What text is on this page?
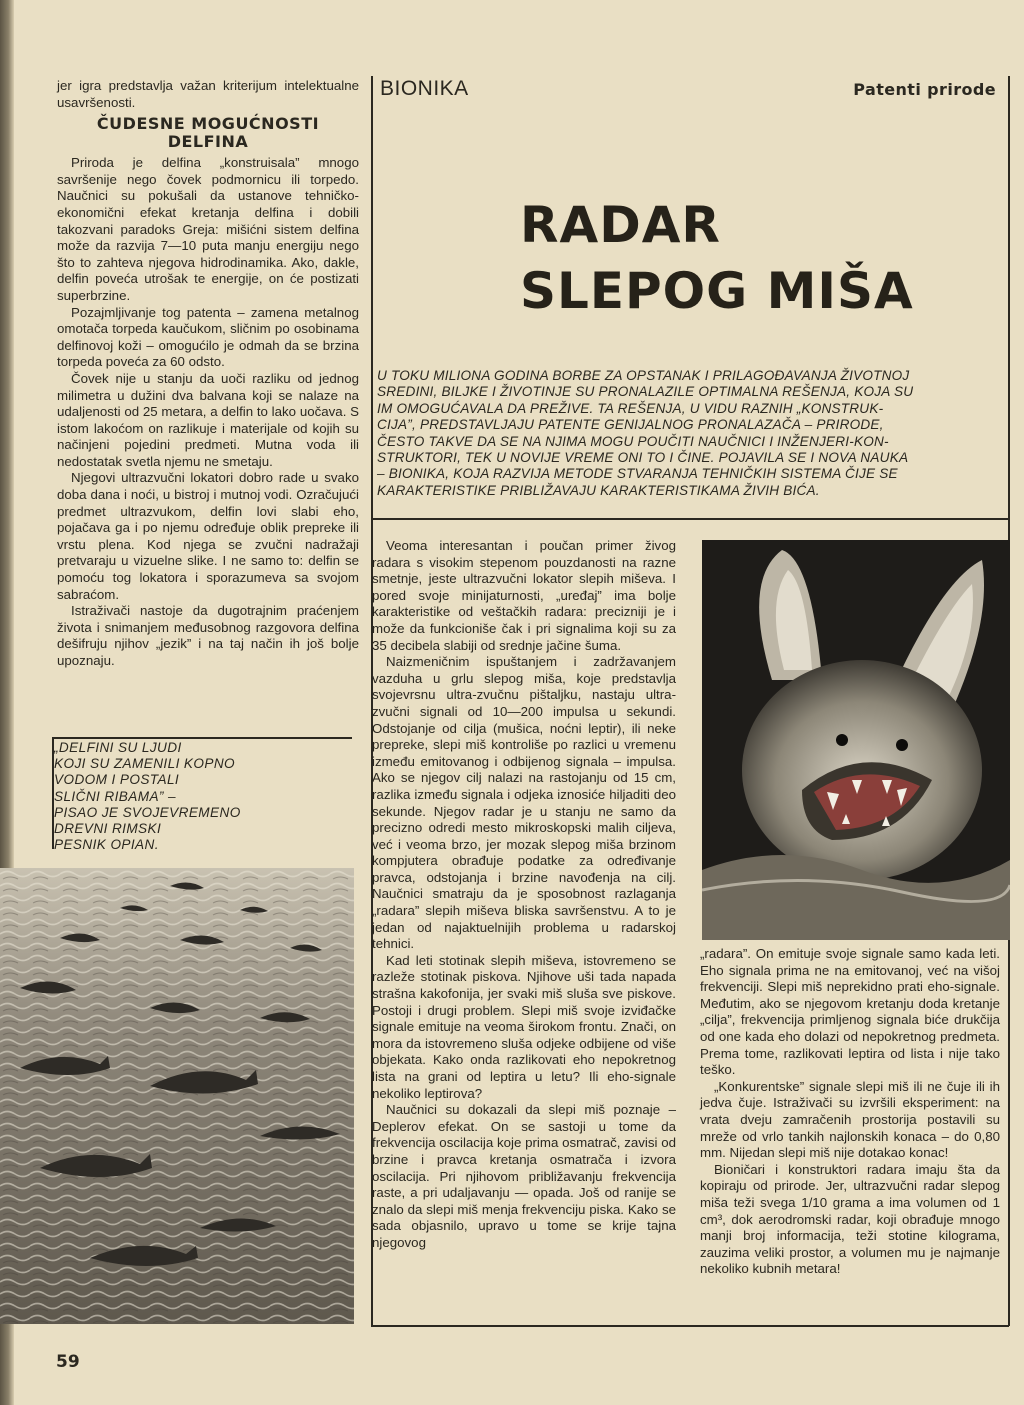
jer igra predstavlja važan kriterijum intelektualne usavršenosti.

ČUDESNE MOGUĆNOSTI
DELFINA

Priroda je delfina „konstruisala” mnogo savršenije nego čovek podmornicu ili torpedo. Naučnici su pokušali da ustanove tehničko-ekonomični efekat kretanja delfina i dobili takozvani paradoks Greja: mišićni sistem delfina može da razvija 7—10 puta manju energiju nego što to zahteva njegova hidrodinamika. Ako, dakle, delfin poveća utrošak te energije, on će postizati superbrzine.

Pozajmljivanje tog patenta – zamena metalnog omotača torpeda kaučukom, sličnim po osobinama delfinovoj koži – omogućilo je odmah da se brzina torpeda poveća za 60 odsto.

Čovek nije u stanju da uoči razliku od jednog milimetra u dužini dva balvana koji se nalaze na udaljenosti od 25 metara, a delfin to lako uočava. S istom lakoćom on razlikuje i materijale od kojih su načinjeni pojedini predmeti. Mutna voda ili nedostatak svetla njemu ne smetaju.

Njegovi ultrazvučni lokatori dobro rade u svako doba dana i noći, u bistroj i mutnoj vodi. Ozračujući predmet ultrazvukom, delfin lovi slabi eho, pojačava ga i po njemu određuje oblik prepreke ili vrstu plena. Kod njega se zvučni nadražaji pretvaraju u vizuelne slike. I ne samo to: delfin se pomoću tog lokatora i sporazumeva sa svojom sabraćom.

Istraživači nastoje da dugotrajnim praćenjem života i snimanjem međusobnog razgovora delfina dešifruju njihov „jezik” i na taj način ih još bolje upoznaju.

„DELFINI SU LJUDI
KOJI SU ZAMENILI KOPNO
VODOM I POSTALI
SLIČNI RIBAMA” –
PISAO JE SVOJEVREMENO
DREVNI RIMSKI
PESNIK OPIAN.
BIONIKA	Patenti prirode
RADAR
SLEPOG MIŠA
U TOKU MILIONA GODINA BORBE ZA OPSTANAK I PRILAGOĐAVANJA ŽIVOTNOJ
SREDINI, BILJKE I ŽIVOTINJE SU PRONALAZILE OPTIMALNA REŠENJA, KOJA SU
IM OMOGUĆAVALA DA PREŽIVE. TA REŠENJA, U VIDU RAZNIH „KONSTRUK-
CIJA”, PREDSTAVLJAJU PATENTE GENIJALNOG PRONALAZAČA – PRIRODE,
ČESTO TAKVE DA SE NA NJIMA MOGU POUČITI NAUČNICI I INŽENJERI-KON-
STRUKTORI, TEK U NOVIJE VREME ONI TO I ČINE. POJAVILA SE I NOVA NAUKA
– BIONIKA, KOJA RAZVIJA METODE STVARANJA TEHNIČKIH SISTEMA ČIJE SE
KARAKTERISTIKE PRIBLIŽAVAJU KARAKTERISTIKAMA ŽIVIH BIĆA.

Veoma interesantan i poučan primer živog radara s visokim stepenom pouzdanosti na razne smetnje, jeste ultrazvučni lokator slepih miševa. I pored svoje minijaturnosti, „uređaj” ima bolje karakteristike od veštačkih radara: precizniji je i može da funkcioniše čak i pri signalima koji su za 35 decibela slabiji od srednje jačine šuma.

Naizmeničnim ispuštanjem i zadržavanjem vazduha u grlu slepog miša, koje predstavlja svojevrsnu ultra-zvučnu pištaljku, nastaju ultra-zvučni signali od 10—200 impulsa u sekundi. Odstojanje od cilja (mušica, noćni leptir), ili neke prepreke, slepi miš kontroliše po razlici u vremenu između emitovanog i odbijenog signala – impulsa. Ako se njegov cilj nalazi na rastojanju od 15 cm, razlika između signala i odjeka iznosiće hiljaditi deo sekunde. Njegov radar je u stanju ne samo da precizno odredi mesto mikroskopski malih ciljeva, već i veoma brzo, jer mozak slepog miša brzinom kompjutera obrađuje podatke za određivanje pravca, odstojanja i brzine navođenja na cilj. Naučnici smatraju da je sposobnost razlaganja „radara” slepih miševa bliska savršenstvu. A to je jedan od najaktuelnijih problema u radarskoj tehnici.

Kad leti stotinak slepih miševa, istovremeno se razleže stotinak piskova. Njihove uši tada napada strašna kakofonija, jer svaki miš sluša sve piskove. Postoji i drugi problem. Slepi miš svoje izviđačke signale emituje na veoma širokom frontu. Znači, on mora da istovremeno sluša odjeke odbijene od više objekata. Kako onda razlikovati eho nepokretnog lista na grani od leptira u letu? Ili eho-signale nekoliko leptirova?

Naučnici su dokazali da slepi miš poznaje – Deplerov efekat. On se sastoji u tome da frekvencija oscilacija koje prima osmatrač, zavisi od brzine i pravca kretanja osmatrača i izvora oscilacija. Pri njihovom približavanju frekvencija raste, a pri udaljavanju — opada. Još od ranije se znalo da slepi miš menja frekvenciju piska. Kako se sada objasnilo, upravo u tome se krije tajna njegovog

„radara”. On emituje svoje signale samo kada leti. Eho signala prima ne na emitovanoj, već na višoj frekvenciji. Slepi miš neprekidno prati eho-signale. Međutim, ako se njegovom kretanju doda kretanje „cilja”, frekvencija primljenog signala biće drukčija od one kada eho dolazi od nepokretnog predmeta. Prema tome, razlikovati leptira od lista i nije tako teško.

„Konkurentske” signale slepi miš ili ne čuje ili ih jedva čuje. Istraživači su izvršili eksperiment: na vrata dveju zamračenih prostorija postavili su mreže od vrlo tankih najlonskih konaca – do 0,80 mm. Nijedan slepi miš nije dotakao konac!

Bioničari i konstruktori radara imaju šta da kopiraju od prirode. Jer, ultrazvučni radar slepog miša teži svega 1/10 grama a ima volumen od 1 cm³, dok aerodromski radar, koji obrađuje mnogo manji broj informacija, teži stotine kilograma, zauzima veliki prostor, a volumen mu je najmanje nekoliko kubnih metara!

59
